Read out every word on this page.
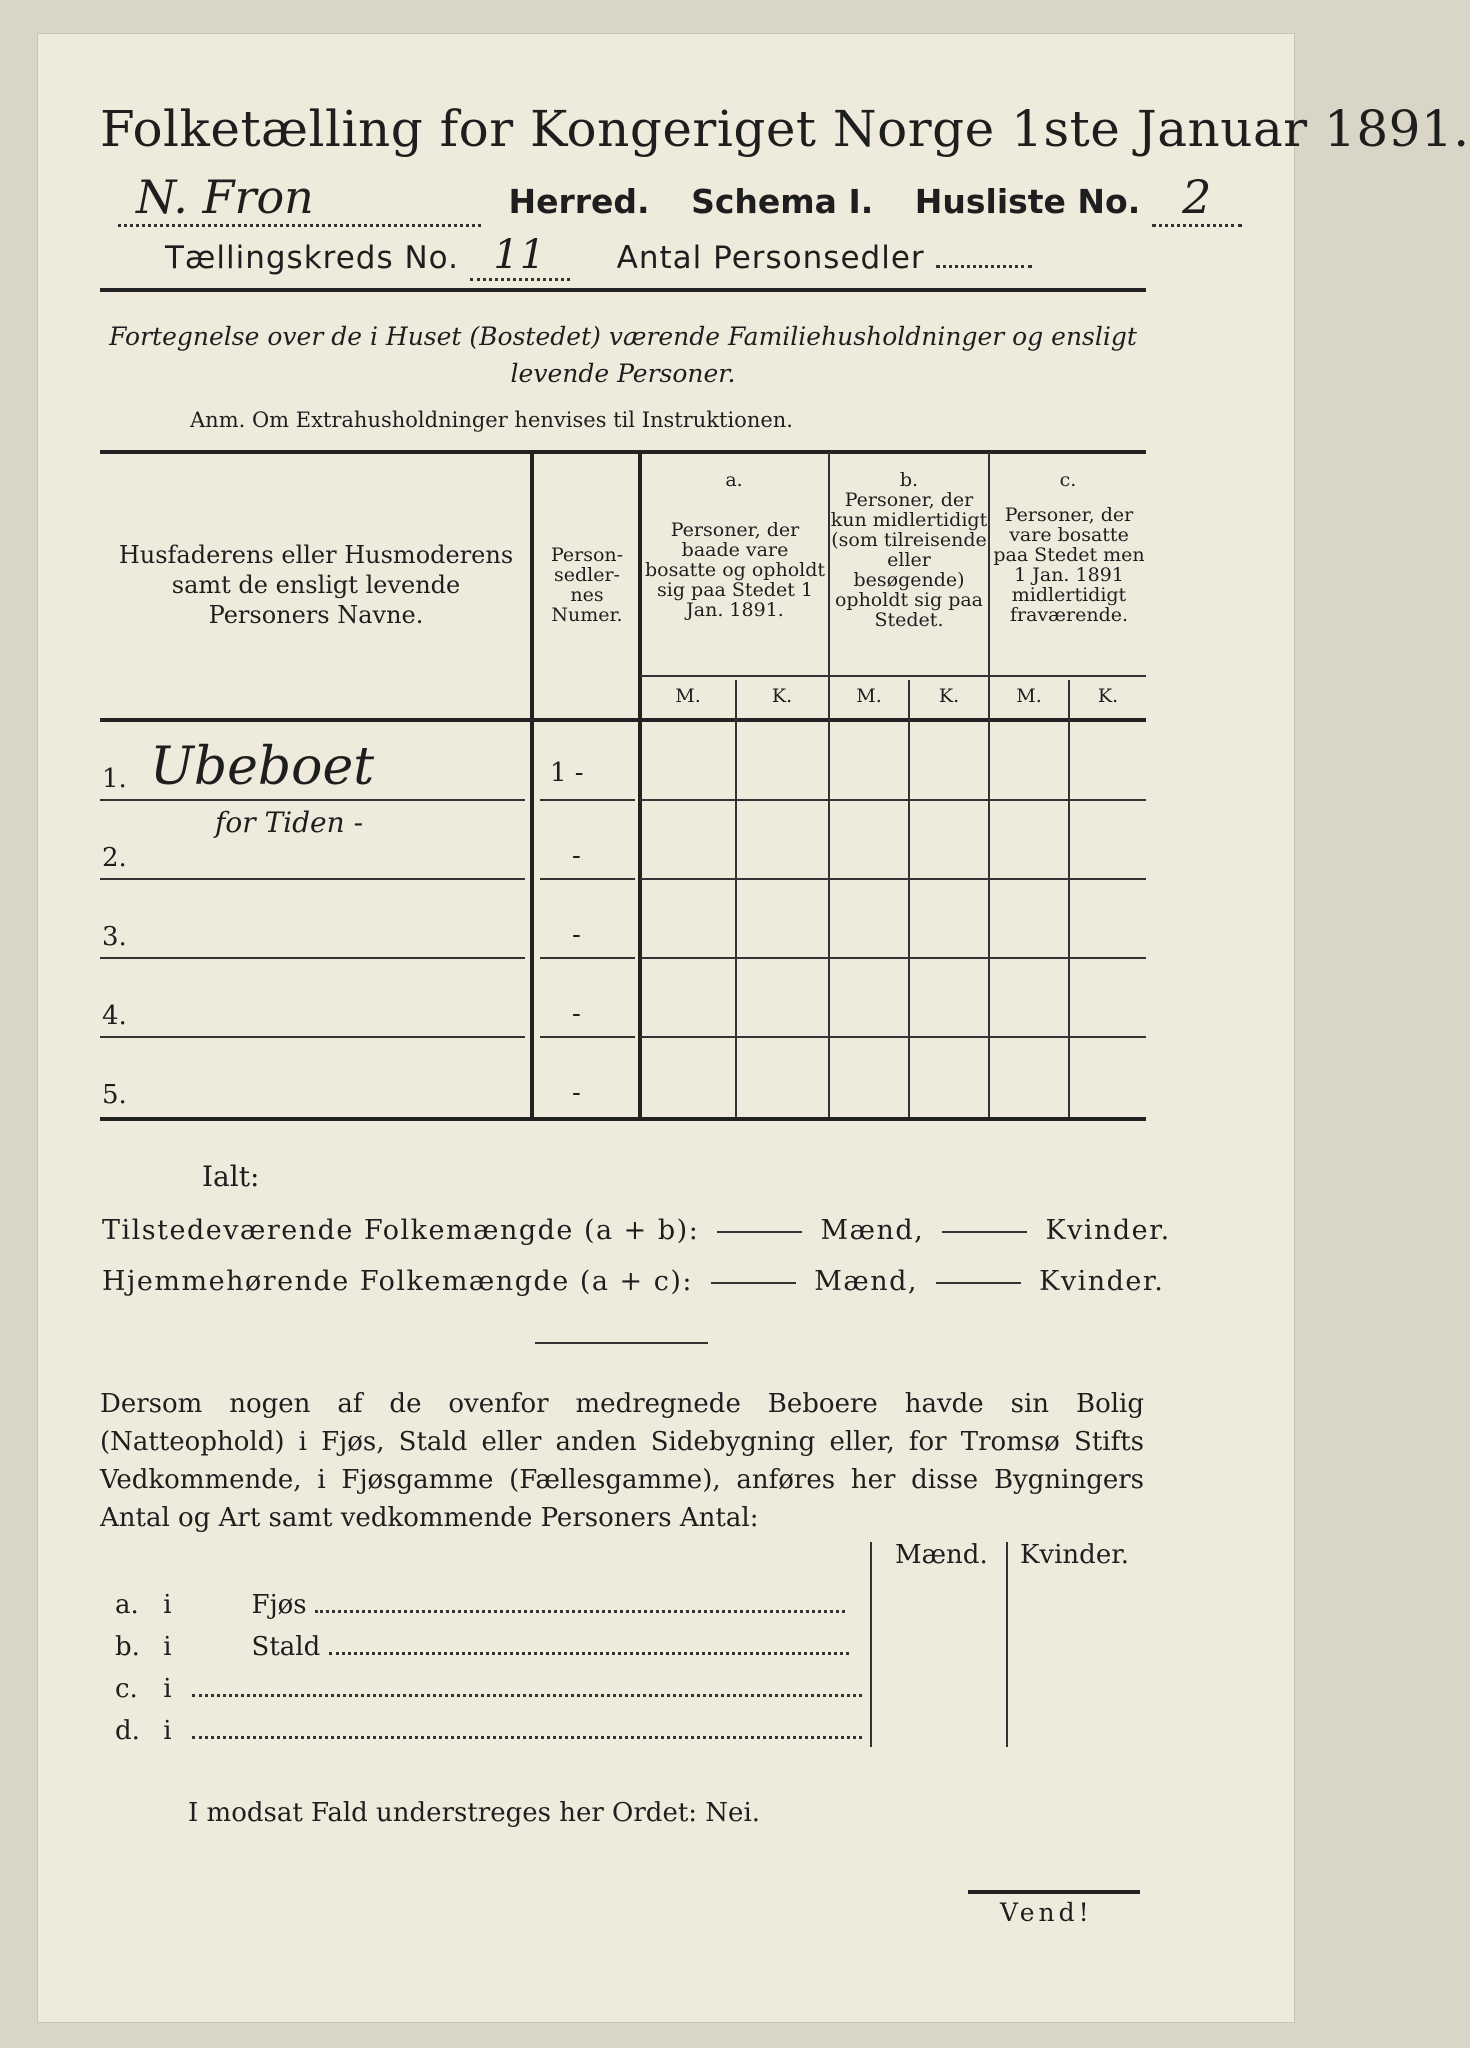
Folketælling for Kongeriget Norge 1ste Januar 1891.
N. Fron	Herred. Schema I. Husliste No. 2
Tællingskreds No. 11 Antal Personsedler
Fortegnelse over de i Huset (Bostedet) værende Familiehusholdninger og ensligt levende Personer.
Anm. Om Extrahusholdninger henvises til Instruktionen.
Husfaderens eller Husmoderens samt de ensligt levende Personers Navne.
Person-sedler-nes Numer.
a.
Personer, der baade vare bosatte og opholdt sig paa Stedet 1 Jan. 1891.
b.
Personer, der kun midlertidigt (som tilreisende eller besøgende) opholdt sig paa Stedet.
c.
Personer, der vare bosatte paa Stedet men 1 Jan. 1891 midlertidigt fraværende.
M.	K.	M.	K.	M.	K.
1. Ubeboet
for Tiden -
1 -
2.	-
3.	-
4.	-
5.	-
Ialt:
Tilstedeværende Folkemængde (a + b):	Mænd,	Kvinder.
Hjemmehørende Folkemængde (a + c):	Mænd,	Kvinder.
Dersom nogen af de ovenfor medregnede Beboere havde sin Bolig (Natteophold) i Fjøs, Stald eller anden Sidebygning eller, for Tromsø Stifts Vedkommende, i Fjøsgamme (Fællesgamme), anføres her disse Bygningers Antal og Art samt vedkommende Personers Antal:
Mænd. Kvinder.
a. i	Fjøs
b. i	Stald
c. i
d. i
I modsat Fald understreges her Ordet: Nei.
Vend!
